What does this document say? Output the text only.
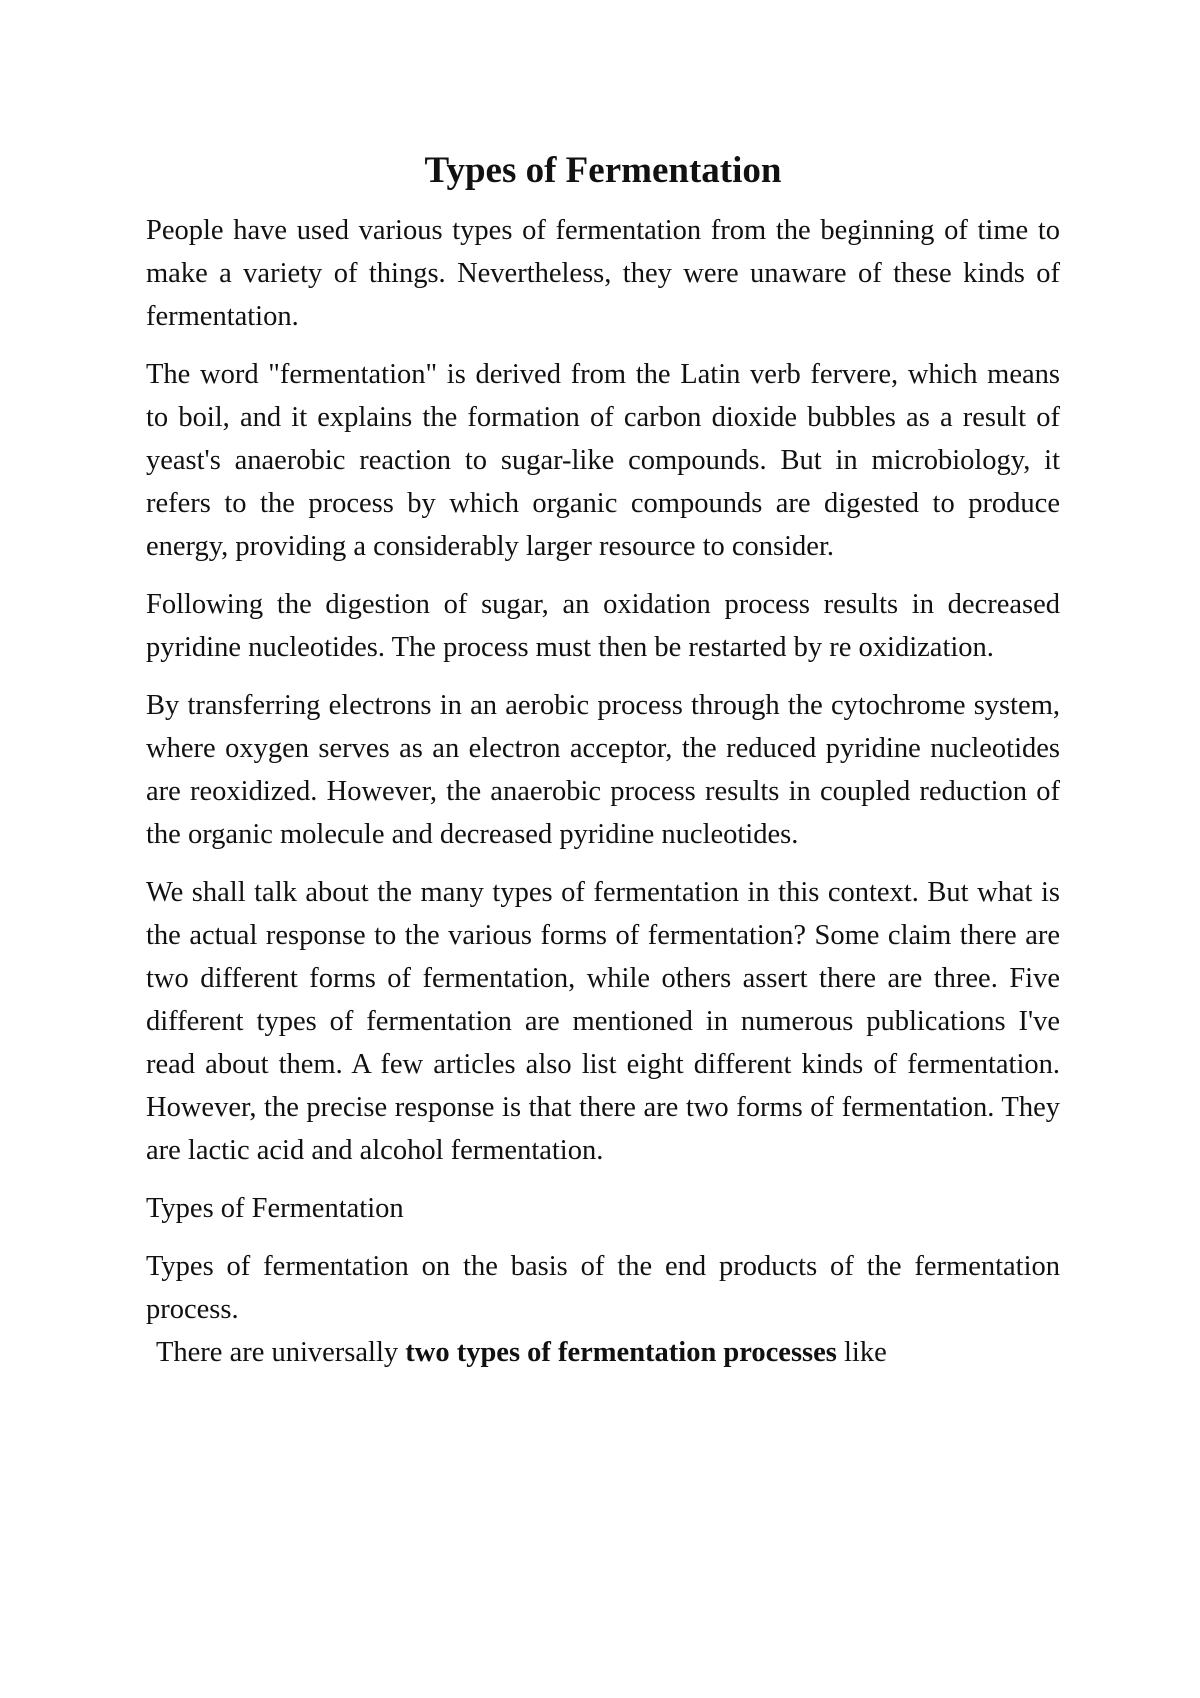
Types of Fermentation

People have used various types of fermentation from the beginning of time to make a variety of things. Nevertheless, they were unaware of these kinds of fermentation.

The word "fermentation" is derived from the Latin verb fervere, which means to boil, and it explains the formation of carbon dioxide bubbles as a result of yeast's anaerobic reaction to sugar-like compounds. But in microbiology, it refers to the process by which organic compounds are digested to produce energy, providing a considerably larger resource to consider.

Following the digestion of sugar, an oxidation process results in decreased pyridine nucleotides. The process must then be restarted by re oxidization.

By transferring electrons in an aerobic process through the cytochrome system, where oxygen serves as an electron acceptor, the reduced pyridine nucleotides are reoxidized. However, the anaerobic process results in coupled reduction of the organic molecule and decreased pyridine nucleotides.

We shall talk about the many types of fermentation in this context. But what is the actual response to the various forms of fermentation? Some claim there are two different forms of fermentation, while others assert there are three. Five different types of fermentation are mentioned in numerous publications I've read about them. A few articles also list eight different kinds of fermentation. However, the precise response is that there are two forms of fermentation. They are lactic acid and alcohol fermentation.

Types of Fermentation

Types of fermentation on the basis of the end products of the fermentation process.

There are universally two types of fermentation processes like
